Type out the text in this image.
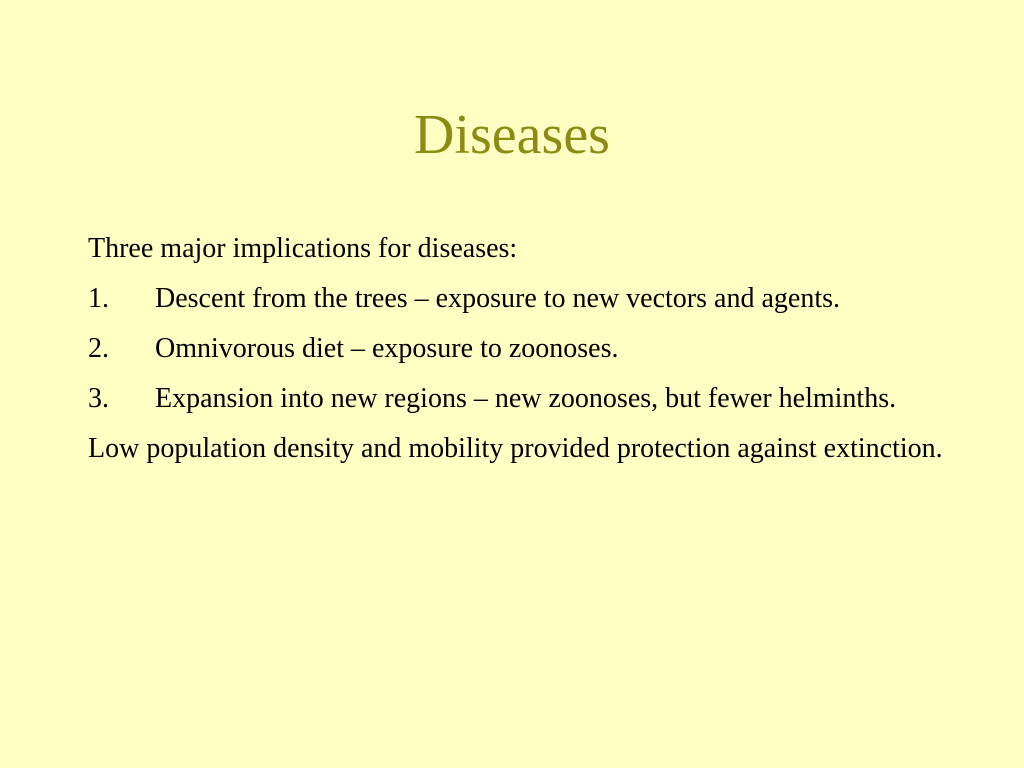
Diseases

Three major implications for diseases:

1.	Descent from the trees – exposure to new vectors and agents.
2.	Omnivorous diet – exposure to zoonoses.
3.	Expansion into new regions – new zoonoses, but fewer helminths.

Low population density and mobility provided protection against extinction.
